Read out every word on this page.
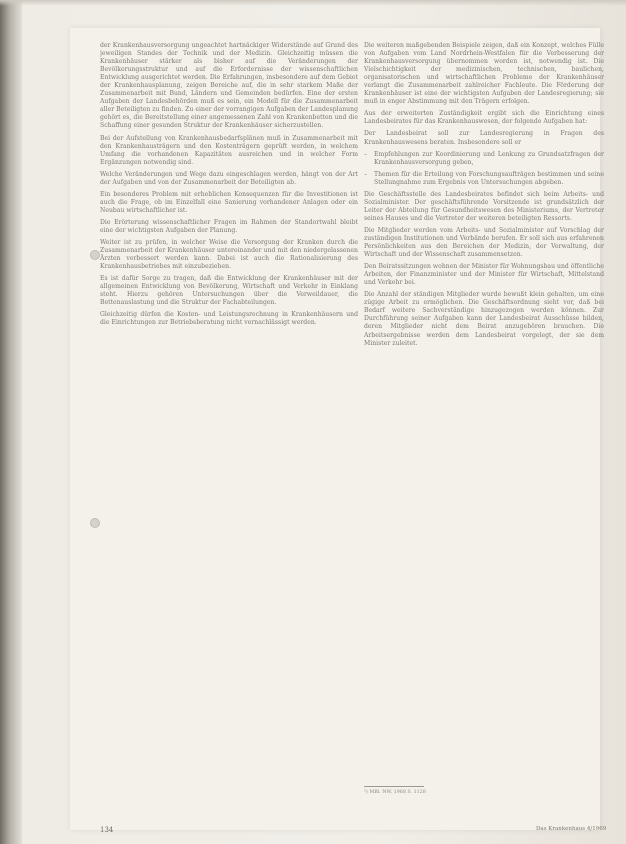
der Krankenhausversorgung ungeachtet hartnäckiger Widerstände auf Grund des jeweiligen Standes der Technik und der Medizin. Gleichzeitig müssen die Krankenhäuser stärker als bisher auf die Veränderungen der Bevölkerungsstruktur und auf die Erfordernisse der wissenschaftlichen Entwicklung ausgerichtet werden. Die Erfahrungen, insbesondere auf dem Gebiet der Krankenhausplanung, zeigen Bereiche auf, die in sehr starkem Maße der Zusammenarbeit mit Bund, Ländern und Gemeinden bedürfen. Eine der ersten Aufgaben der Landesbehörden muß es sein, ein Modell für die Zusammenarbeit aller Beteiligten zu finden. Zu einer der vorrangigen Aufgaben der Landesplanung gehört es, die Bereitstellung einer angemessenen Zahl von Krankenbetten und die Schaffung einer gesunden Struktur der Krankenhäuser sicherzustellen.

Bei der Aufstellung von Krankenhausbedarfsplänen muß in Zusammenarbeit mit den Krankenhausträgern und den Kostenträgern geprüft werden, in welchem Umfang die vorhandenen Kapazitäten ausreichen und in welcher Form Ergänzungen notwendig sind.

Welche Veränderungen und Wege dazu eingeschlagen werden, hängt von der Art der Aufgaben und von der Zusammenarbeit der Beteiligten ab.

Ein besonderes Problem mit erheblichen Konsequenzen für die Investitionen ist auch die Frage, ob im Einzelfall eine Sanierung vorhandener Anlagen oder ein Neubau wirtschaftlicher ist.

Die Erörterung wissenschaftlicher Fragen im Rahmen der Standortwahl bleibt eine der wichtigsten Aufgaben der Planung.

Weiter ist zu prüfen, in welcher Weise die Versorgung der Kranken durch die Zusammenarbeit der Krankenhäuser untereinander und mit den niedergelassenen Ärzten verbessert werden kann. Dabei ist auch die Rationalisierung des Krankenhausbetriebes mit einzubeziehen.

Es ist dafür Sorge zu tragen, daß die Entwicklung der Krankenhäuser mit der allgemeinen Entwicklung von Bevölkerung, Wirtschaft und Verkehr in Einklang steht. Hierzu gehören Untersuchungen über die Verweildauer, die Bettenauslastung und die Struktur der Fachabteilungen.

Gleichzeitig dürfen die Kosten- und Leistungsrechnung in Krankenhäusern und die Einrichtungen zur Betriebsberatung nicht vernachlässigt werden.

Die weiteren maßgebenden Beispiele zeigen, daß ein Konzept, welches Fülle von Aufgaben vom Land Nordrhein-Westfalen für die Verbesserung der Krankenhausversorgung übernommen worden ist, notwendig ist. Die Vielschichtigkeit der medizinischen, technischen, baulichen, organisatorischen und wirtschaftlichen Probleme der Krankenhäuser verlangt die Zusammenarbeit zahlreicher Fachleute. Die Förderung der Krankenhäuser ist eine der wichtigsten Aufgaben der Landesregierung; sie muß in enger Abstimmung mit den Trägern erfolgen.

Aus der erweiterten Zuständigkeit ergibt sich die Einrichtung eines Landesbeirates für das Krankenhauswesen, der folgende Aufgaben hat:

Der Landesbeirat soll zur Landesregierung in Fragen des Krankenhauswesens beraten. Insbesondere soll er

– Empfehlungen zur Koordinierung und Lenkung zu Grundsatzfragen der Krankenhausversorgung geben,

– Themen für die Erteilung von Forschungsaufträgen bestimmen und seine Stellungnahme zum Ergebnis von Untersuchungen abgeben.

Die Geschäftsstelle des Landesbeirates befindet sich beim Arbeits- und Sozialminister. Der geschäftsführende Vorsitzende ist grundsätzlich der Leiter der Abteilung für Gesundheitswesen des Ministeriums, der Vertreter seines Hauses und die Vertreter der weiteren beteiligten Ressorts.

Die Mitglieder werden vom Arbeits- und Sozialminister auf Vorschlag der zuständigen Institutionen und Verbände berufen. Er soll sich aus erfahrenen Persönlichkeiten aus den Bereichen der Medizin, der Verwaltung, der Wirtschaft und der Wissenschaft zusammensetzen.

Den Beiratssitzungen wohnen der Minister für Wohnungsbau und öffentliche Arbeiten, der Finanzminister und der Minister für Wirtschaft, Mittelstand und Verkehr bei.

Die Anzahl der ständigen Mitglieder wurde bewußt klein gehalten, um eine zügige Arbeit zu ermöglichen. Die Geschäftsordnung sieht vor, daß bei Bedarf weitere Sachverständige hinzugezogen werden können. Zur Durchführung seiner Aufgaben kann der Landesbeirat Ausschüsse bilden, deren Mitglieder nicht dem Beirat anzugehören brauchen. Die Arbeitsergebnisse werden dem Landesbeirat vorgelegt, der sie dem Minister zuleitet.

¹) MBl. NW. 1968 S. 1128
134	Das Krankenhaus 4/1969
